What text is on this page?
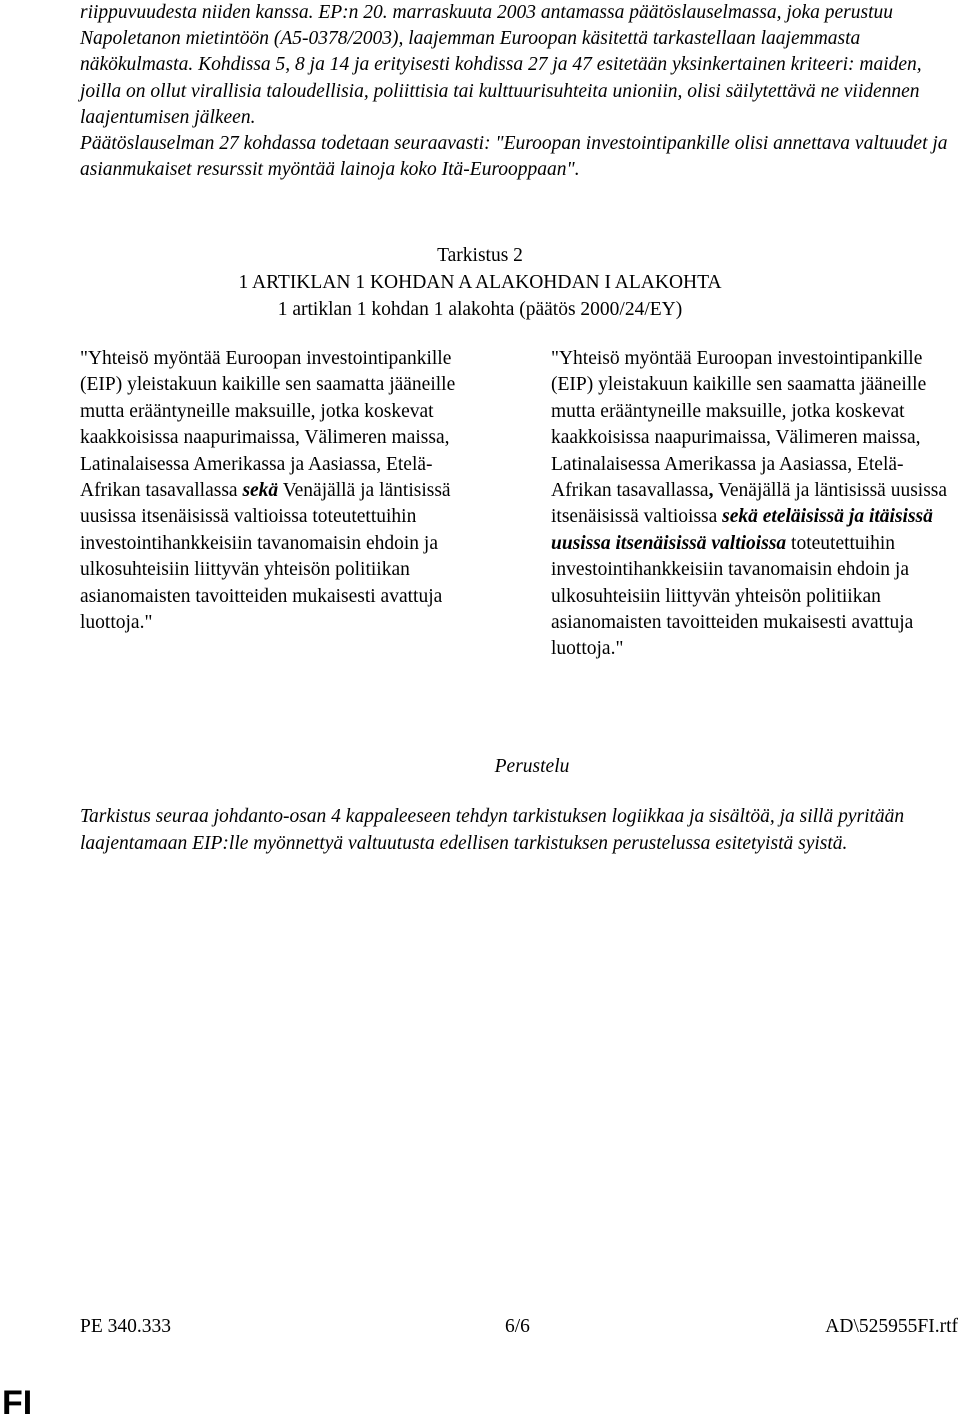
riippuvuudesta niiden kanssa. EP:n 20. marraskuuta 2003 antamassa päätöslauselmassa, joka perustuu Napoletanon mietintöön (A5-0378/2003), laajemman Euroopan käsitettä tarkastellaan laajemmasta näkökulmasta. Kohdissa 5, 8 ja 14 ja erityisesti kohdissa 27 ja 47 esitetään yksinkertainen kriteeri: maiden, joilla on ollut virallisia taloudellisia, poliittisia tai kulttuurisuhteita unioniin, olisi säilytettävä ne viidennen laajentumisen jälkeen.

Päätöslauselman 27 kohdassa todetaan seuraavasti: "Euroopan investointipankille olisi annettava valtuudet ja asianmukaiset resurssit myöntää lainoja koko Itä-Eurooppaan".

Tarkistus 2

1 ARTIKLAN 1 KOHDAN A ALAKOHDAN I ALAKOHTA

1 artiklan 1 kohdan 1 alakohta (päätös 2000/24/EY)

"Yhteisö myöntää Euroopan investointipankille (EIP) yleistakuun kaikille sen saamatta jääneille mutta erääntyneille maksuille, jotka koskevat kaakkoisissa naapurimaissa, Välimeren maissa, Latinalaisessa Amerikassa ja Aasiassa, Etelä-Afrikan tasavallassa sekä Venäjällä ja läntisissä uusissa itsenäisissä valtioissa toteutettuihin investointihankkeisiin tavanomaisin ehdoin ja ulkosuhteisiin liittyvän yhteisön politiikan asianomaisten tavoitteiden mukaisesti avattuja luottoja."

"Yhteisö myöntää Euroopan investointipankille (EIP) yleistakuun kaikille sen saamatta jääneille mutta erääntyneille maksuille, jotka koskevat kaakkoisissa naapurimaissa, Välimeren maissa, Latinalaisessa Amerikassa ja Aasiassa, Etelä-Afrikan tasavallassa, Venäjällä ja läntisissä uusissa itsenäisissä valtioissa sekä eteläisissä ja itäisissä uusissa itsenäisissä valtioissa toteutettuihin investointihankkeisiin tavanomaisin ehdoin ja ulkosuhteisiin liittyvän yhteisön politiikan asianomaisten tavoitteiden mukaisesti avattuja luottoja."

Perustelu

Tarkistus seuraa johdanto-osan 4 kappaleeseen tehdyn tarkistuksen logiikkaa ja sisältöä, ja sillä pyritään laajentamaan EIP:lle myönnettyä valtuutusta edellisen tarkistuksen perustelussa esitetyistä syistä.

PE 340.333	6/6	AD\525955FI.rtf
FI
